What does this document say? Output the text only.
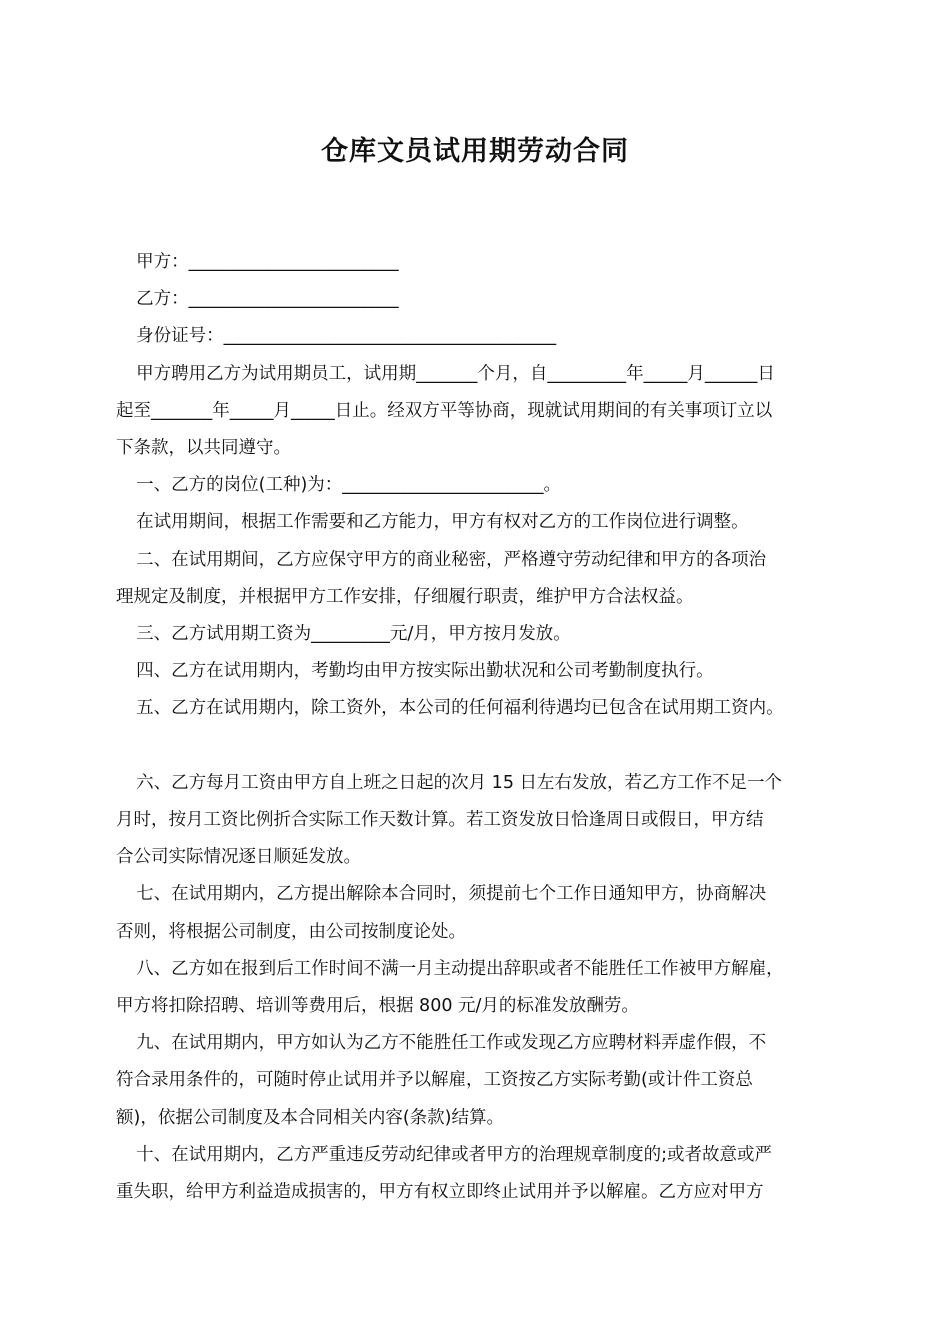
仓库文员试用期劳动合同

甲方：________________________

乙方：________________________

身份证号：______________________________________

甲方聘用乙方为试用期员工，试用期_______个月，自_________年_____月______日

起至_______年_____月_____日止。经双方平等协商，现就试用期间的有关事项订立以

下条款，以共同遵守。

一、乙方的岗位(工种)为：_______________________。

在试用期间，根据工作需要和乙方能力，甲方有权对乙方的工作岗位进行调整。

二、在试用期间，乙方应保守甲方的商业秘密，严格遵守劳动纪律和甲方的各项治

理规定及制度，并根据甲方工作安排，仔细履行职责，维护甲方合法权益。

三、乙方试用期工资为_________元/月，甲方按月发放。

四、乙方在试用期内，考勤均由甲方按实际出勤状况和公司考勤制度执行。

五、乙方在试用期内，除工资外，本公司的任何福利待遇均已包含在试用期工资内。

六、乙方每月工资由甲方自上班之日起的次月 15 日左右发放，若乙方工作不足一个

月时，按月工资比例折合实际工作天数计算。若工资发放日恰逢周日或假日，甲方结

合公司实际情况逐日顺延发放。

七、在试用期内，乙方提出解除本合同时，须提前七个工作日通知甲方，协商解决

否则，将根据公司制度，由公司按制度论处。

八、乙方如在报到后工作时间不满一月主动提出辞职或者不能胜任工作被甲方解雇，

甲方将扣除招聘、培训等费用后，根据 800 元/月的标准发放酬劳。

九、在试用期内，甲方如认为乙方不能胜任工作或发现乙方应聘材料弄虚作假，不

符合录用条件的，可随时停止试用并予以解雇，工资按乙方实际考勤(或计件工资总

额)，依据公司制度及本合同相关内容(条款)结算。

十、在试用期内，乙方严重违反劳动纪律或者甲方的治理规章制度的;或者故意或严

重失职，给甲方利益造成损害的，甲方有权立即终止试用并予以解雇。乙方应对甲方
